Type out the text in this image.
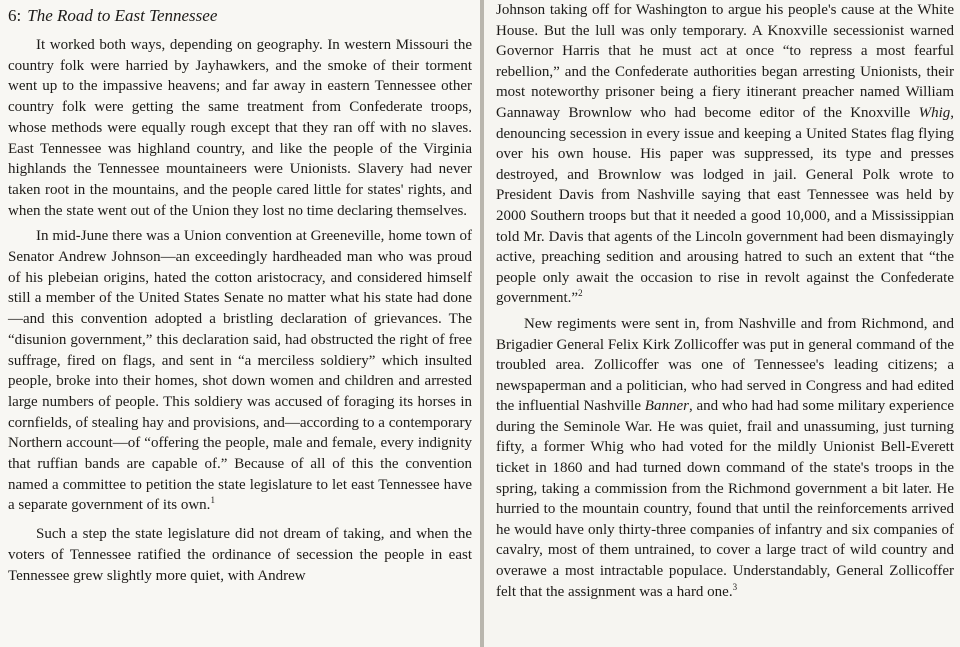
6: The Road to East Tennessee

It worked both ways, depending on geography. In western Missouri the country folk were harried by Jayhawkers, and the smoke of their torment went up to the impassive heavens; and far away in eastern Tennessee other country folk were getting the same treatment from Confederate troops, whose methods were equally rough except that they ran off with no slaves. East Tennessee was highland country, and like the people of the Virginia highlands the Tennessee mountaineers were Unionists. Slavery had never taken root in the mountains, and the people cared little for states' rights, and when the state went out of the Union they lost no time declaring themselves.

In mid-June there was a Union convention at Greeneville, home town of Senator Andrew Johnson—an exceedingly hardheaded man who was proud of his plebeian origins, hated the cotton aristocracy, and considered himself still a member of the United States Senate no matter what his state had done—and this convention adopted a bristling declaration of grievances. The “disunion government,” this declaration said, had obstructed the right of free suffrage, fired on flags, and sent in “a merciless soldiery” which insulted people, broke into their homes, shot down women and children and arrested large numbers of people. This soldiery was accused of foraging its horses in cornfields, of stealing hay and provisions, and—according to a contemporary Northern account—of “offering the people, male and female, every indignity that ruffian bands are capable of.” Because of all of this the convention named a committee to petition the state legislature to let east Tennessee have a separate government of its own.$^1$

Such a step the state legislature did not dream of taking, and when the voters of Tennessee ratified the ordinance of secession the people in east Tennessee grew slightly more quiet, with Andrew

Johnson taking off for Washington to argue his people's cause at the White House. But the lull was only temporary. A Knoxville secessionist warned Governor Harris that he must act at once “to repress a most fearful rebellion,” and the Confederate authorities began arresting Unionists, their most noteworthy prisoner being a fiery itinerant preacher named William Gannaway Brownlow who had become editor of the Knoxville Whig, denouncing secession in every issue and keeping a United States flag flying over his own house. His paper was suppressed, its type and presses destroyed, and Brownlow was lodged in jail. General Polk wrote to President Davis from Nashville saying that east Tennessee was held by 2000 Southern troops but that it needed a good 10,000, and a Mississippian told Mr. Davis that agents of the Lincoln government had been dismayingly active, preaching sedition and arousing hatred to such an extent that “the people only await the occasion to rise in revolt against the Confederate government.”$^2$

New regiments were sent in, from Nashville and from Richmond, and Brigadier General Felix Kirk Zollicoffer was put in general command of the troubled area. Zollicoffer was one of Tennessee's leading citizens; a newspaperman and a politician, who had served in Congress and had edited the influential Nashville Banner, and who had had some military experience during the Seminole War. He was quiet, frail and unassuming, just turning fifty, a former Whig who had voted for the mildly Unionist Bell-Everett ticket in 1860 and had turned down command of the state's troops in the spring, taking a commission from the Richmond government a bit later. He hurried to the mountain country, found that until the reinforcements arrived he would have only thirty-three companies of infantry and six companies of cavalry, most of them untrained, to cover a large tract of wild country and overawe a most intractable populace. Understandably, General Zollicoffer felt that the assignment was a hard one.$^3$
